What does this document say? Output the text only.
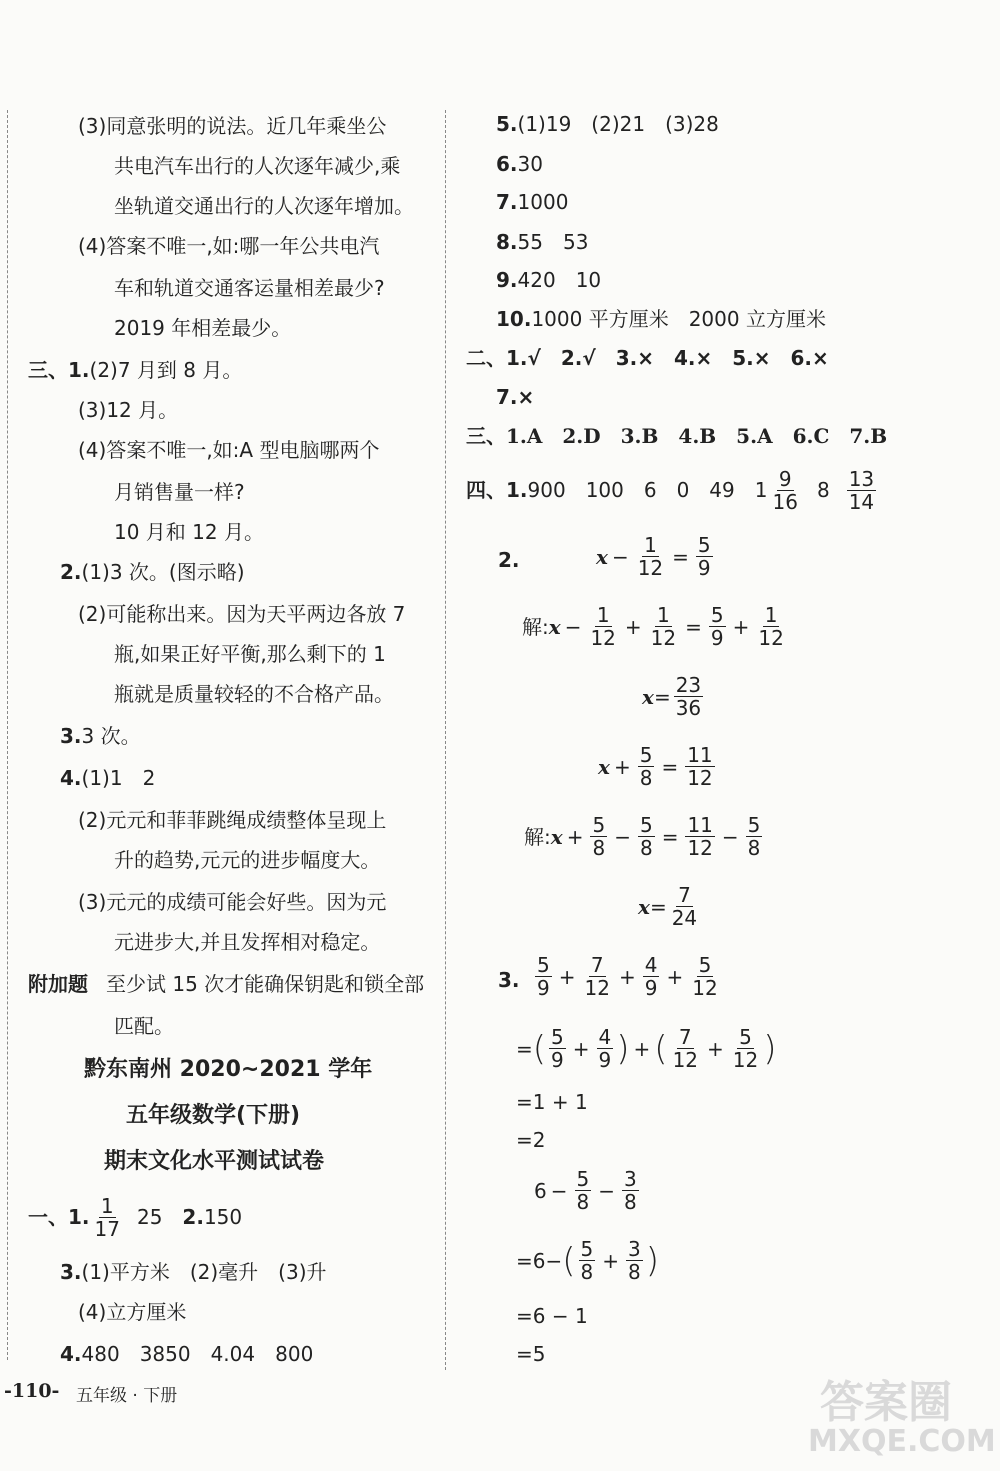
(3)同意张明的说法。近几年乘坐公
共电汽车出行的人次逐年减少,乘
坐轨道交通出行的人次逐年增加。
(4)答案不唯一,如:哪一年公共电汽
车和轨道交通客运量相差最少?
2019 年相差最少。
三、1.(2)7 月到 8 月。
(3)12 月。
(4)答案不唯一,如:A 型电脑哪两个
月销售量一样?
10 月和 12 月。
2.(1)3 次。(图示略)
(2)可能称出来。因为天平两边各放 7
瓶,如果正好平衡,那么剩下的 1
瓶就是质量较轻的不合格产品。
3.3 次。
4.(1)1　2
(2)元元和菲菲跳绳成绩整体呈现上
升的趋势,元元的进步幅度大。
(3)元元的成绩可能会好些。因为元
元进步大,并且发挥相对稳定。
附加题 至少试 15 次才能确保钥匙和锁全部
匹配。
黔东南州 2020~2021 学年
五年级数学(下册)
期末文化水平测试试卷
一、1. $\frac{1}{17} 25$ 2. 150
3.(1)平方米　(2)毫升　(3)升
(4)立方厘米
4.480　3850　4.04　800
5.(1)19　(2)21　(3)28
6.30
7.1000
8.55　53
9.420　10
10.1000 平方厘米　2000 立方厘米
二、1.√　2.√　3.×　4.×　5.×　6.×
7.×
三、1.A　2.D　3.B　4.B　5.A　6.C　7.B
四、1. 900　100　6　0　49　$1 \frac{9}{16} 8 \frac{13}{14}$
2.	$x - \frac{1}{12} = \frac{5}{9}$
解: $x - \frac{1}{12} + \frac{1}{12} = \frac{5}{9} + \frac{1}{12}$
$x = \frac{23}{36}$
$x + \frac{5}{8} = \frac{11}{12}$
解: $x + \frac{5}{8} - \frac{5}{8} = \frac{11}{12} - \frac{5}{8}$
$x = \frac{7}{24}$
3. $\frac{5}{9} + \frac{7}{12} + \frac{4}{9} + \frac{5}{12}$
= ( $\frac{5}{9} + \frac{4}{9}$ ) + ( $\frac{7}{12} + \frac{5}{12}$ )
=1 + 1
=2
$6 - \frac{5}{8} - \frac{3}{8}$
=6− ( $\frac{5}{8} + \frac{3}{8}$ )
=6 − 1
=5
-110- 五年级 · 下册	答案圈
MXQE.COM
